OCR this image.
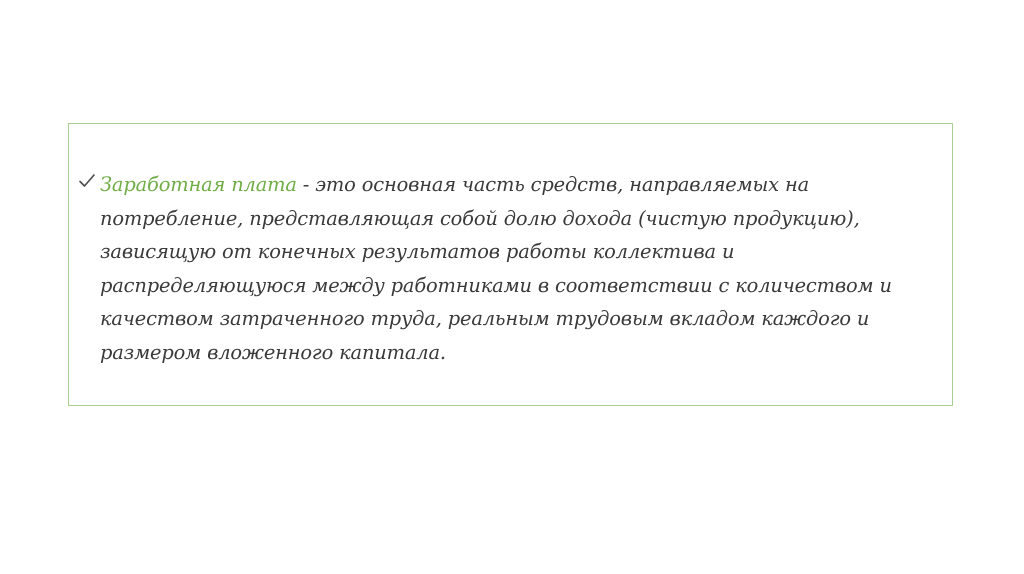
Заработная плата - это основная часть средств, направляемых на
потребление, представляющая собой долю дохода (чистую продукцию),
зависящую от конечных результатов работы коллектива и
распределяющуюся между работниками в соответствии с количеством и
качеством затраченного труда, реальным трудовым вкладом каждого и
размером вложенного капитала.
